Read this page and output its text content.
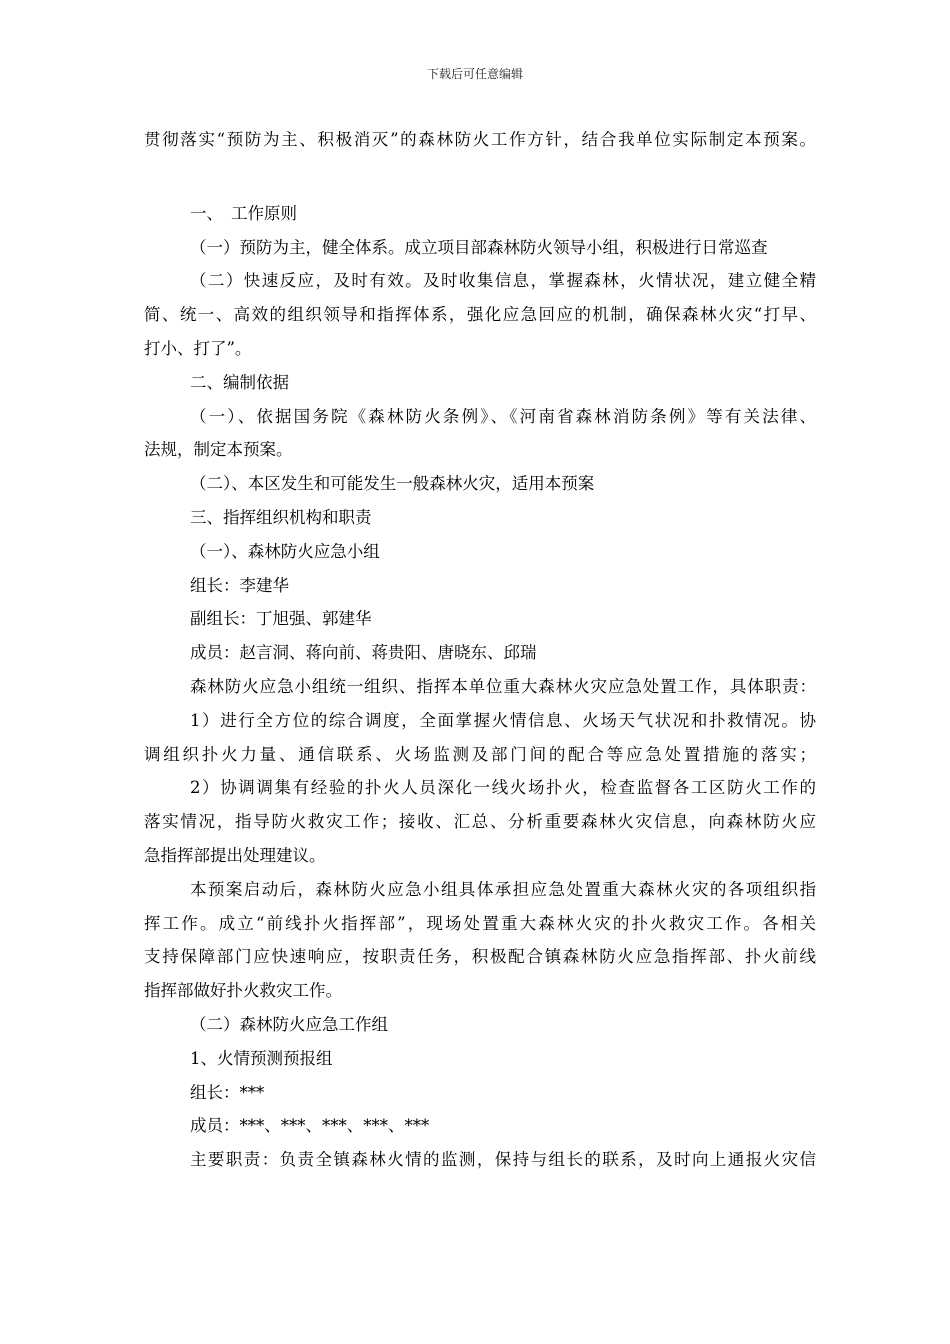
下载后可任意编辑
贯彻落实“预防为主、积极消灭”的森林防火工作方针，结合我单位实际制定本预案。
一、 工作原则
（一）预防为主，健全体系。成立项目部森林防火领导小组，积极进行日常巡查
（二）快速反应，及时有效。及时收集信息，掌握森林，火情状况，建立健全精
简、统一、高效的组织领导和指挥体系，强化应急回应的机制，确保森林火灾“打早、
打小、打了”。
二、编制依据
（一）、依据国务院《森林防火条例》、《河南省森林消防条例》等有关法律、
法规，制定本预案。
（二）、本区发生和可能发生一般森林火灾，适用本预案
三、指挥组织机构和职责
（一）、森林防火应急小组
组长：李建华
副组长：丁旭强、郭建华
成员：赵言洞、蒋向前、蒋贵阳、唐晓东、邱瑞
森林防火应急小组统一组织、指挥本单位重大森林火灾应急处置工作，具体职责：
1）进行全方位的综合调度，全面掌握火情信息、火场天气状况和扑救情况。协
调组织扑火力量、通信联系、火场监测及部门间的配合等应急处置措施的落实；
2）协调调集有经验的扑火人员深化一线火场扑火，检查监督各工区防火工作的
落实情况，指导防火救灾工作；接收、汇总、分析重要森林火灾信息，向森林防火应
急指挥部提出处理建议。
本预案启动后，森林防火应急小组具体承担应急处置重大森林火灾的各项组织指
挥工作。成立“前线扑火指挥部”，现场处置重大森林火灾的扑火救灾工作。各相关
支持保障部门应快速响应，按职责任务，积极配合镇森林防火应急指挥部、扑火前线
指挥部做好扑火救灾工作。
（二）森林防火应急工作组
1、火情预测预报组
组长：***
成员：***、***、***、***、***
主要职责：负责全镇森林火情的监测，保持与组长的联系，及时向上通报火灾信
